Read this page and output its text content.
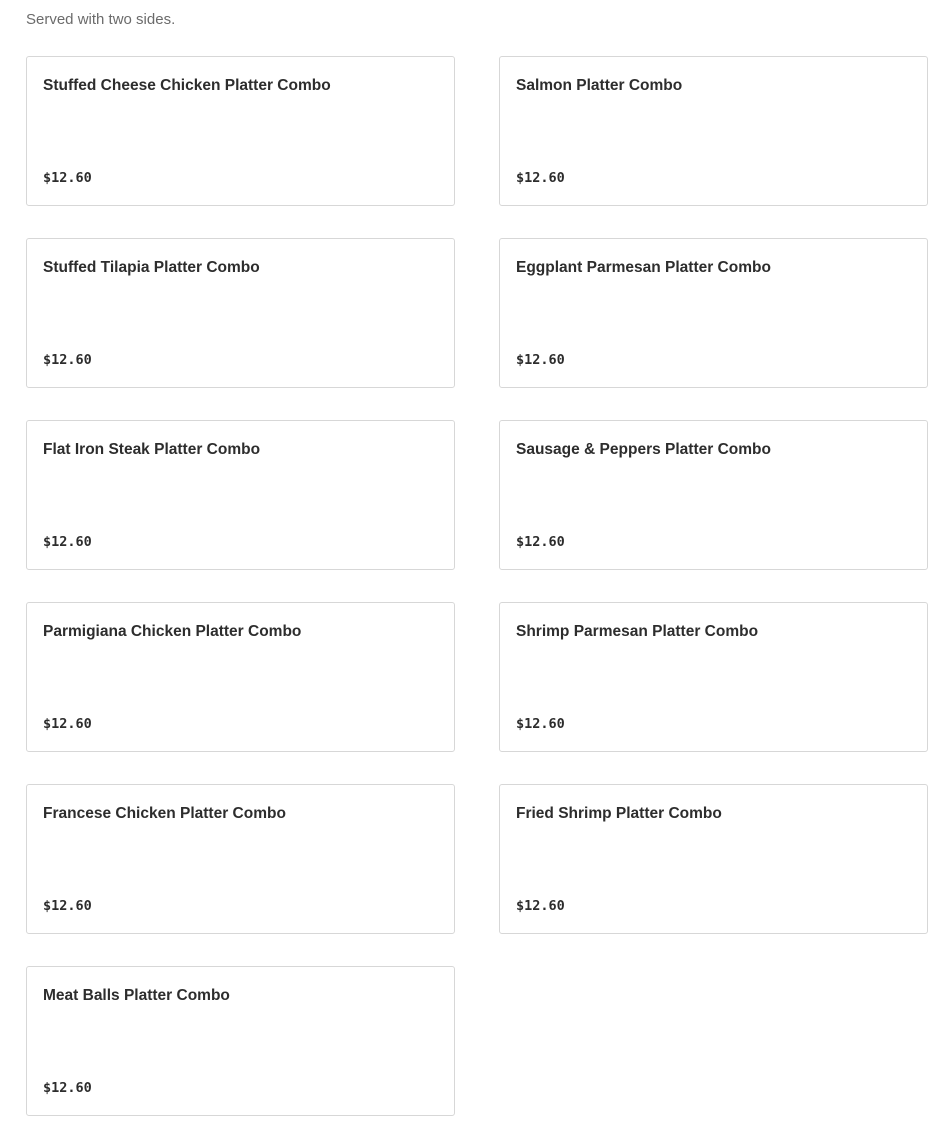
Served with two sides.

Stuffed Cheese Chicken Platter Combo

$12.60

Salmon Platter Combo

$12.60

Stuffed Tilapia Platter Combo

$12.60

Eggplant Parmesan Platter Combo

$12.60

Flat Iron Steak Platter Combo

$12.60

Sausage & Peppers Platter Combo

$12.60

Parmigiana Chicken Platter Combo

$12.60

Shrimp Parmesan Platter Combo

$12.60

Francese Chicken Platter Combo

$12.60

Fried Shrimp Platter Combo

$12.60

Meat Balls Platter Combo

$12.60
